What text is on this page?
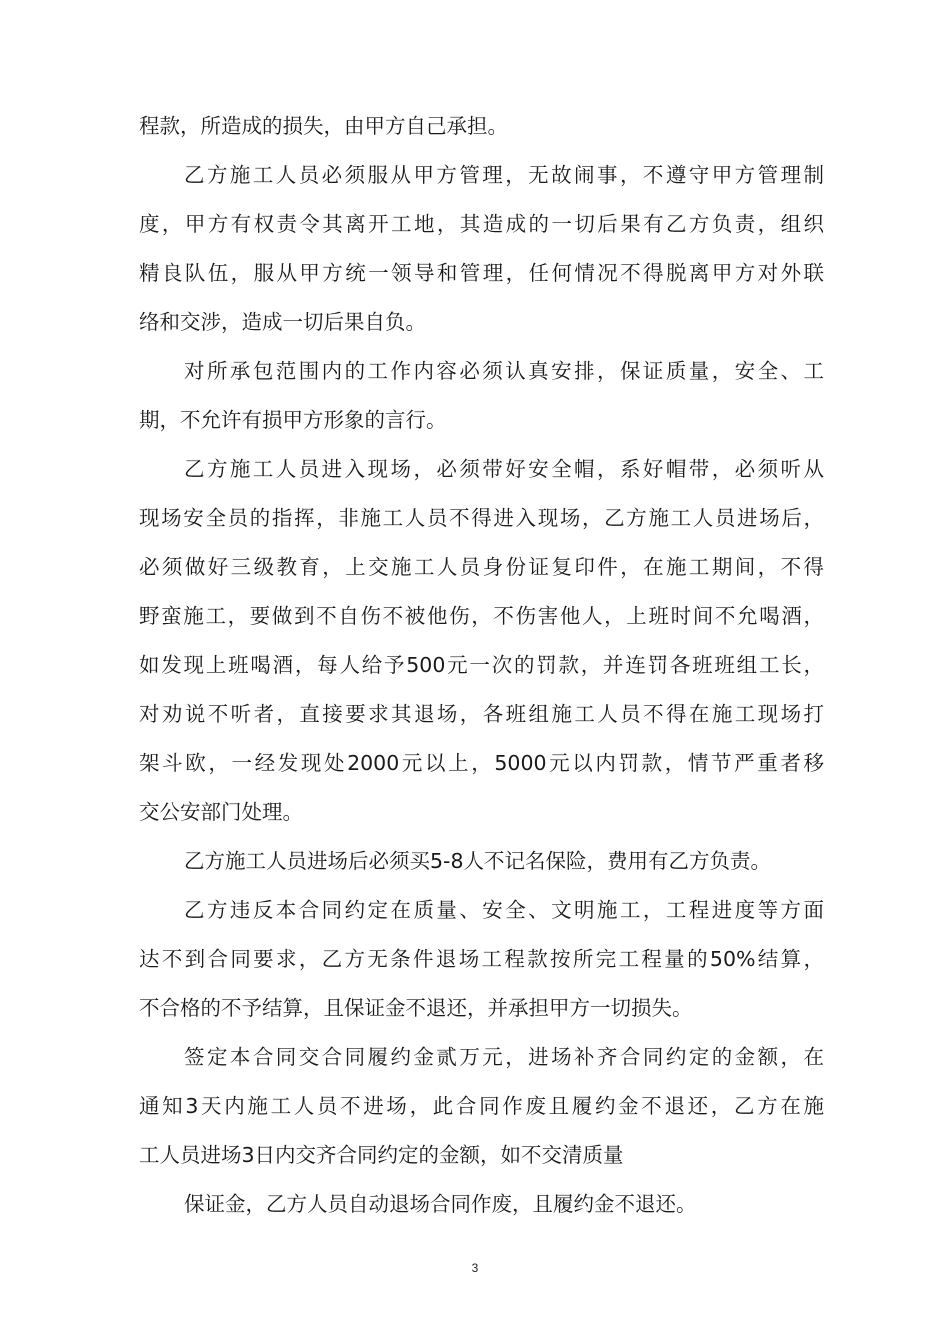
程款，所造成的损失，由甲方自己承担。
乙方施工人员必须服从甲方管理，无故闹事，不遵守甲方管理制
度，甲方有权责令其离开工地，其造成的一切后果有乙方负责，组织
精良队伍，服从甲方统一领导和管理，任何情况不得脱离甲方对外联
络和交涉，造成一切后果自负。
对所承包范围内的工作内容必须认真安排，保证质量，安全、工
期，不允许有损甲方形象的言行。
乙方施工人员进入现场，必须带好安全帽，系好帽带，必须听从
现场安全员的指挥，非施工人员不得进入现场，乙方施工人员进场后，
必须做好三级教育，上交施工人员身份证复印件，在施工期间，不得
野蛮施工，要做到不自伤不被他伤，不伤害他人，上班时间不允喝酒，
如发现上班喝酒，每人给予500元一次的罚款，并连罚各班班组工长，
对劝说不听者，直接要求其退场，各班组施工人员不得在施工现场打
架斗欧，一经发现处2000元以上，5000元以内罚款，情节严重者移
交公安部门处理。
乙方施工人员进场后必须买5-8人不记名保险，费用有乙方负责。
乙方违反本合同约定在质量、安全、文明施工，工程进度等方面
达不到合同要求，乙方无条件退场工程款按所完工程量的50%结算，
不合格的不予结算，且保证金不退还，并承担甲方一切损失。
签定本合同交合同履约金贰万元，进场补齐合同约定的金额，在
通知3天内施工人员不进场，此合同作废且履约金不退还，乙方在施
工人员进场3日内交齐合同约定的金额，如不交清质量
保证金，乙方人员自动退场合同作废，且履约金不退还。
3
